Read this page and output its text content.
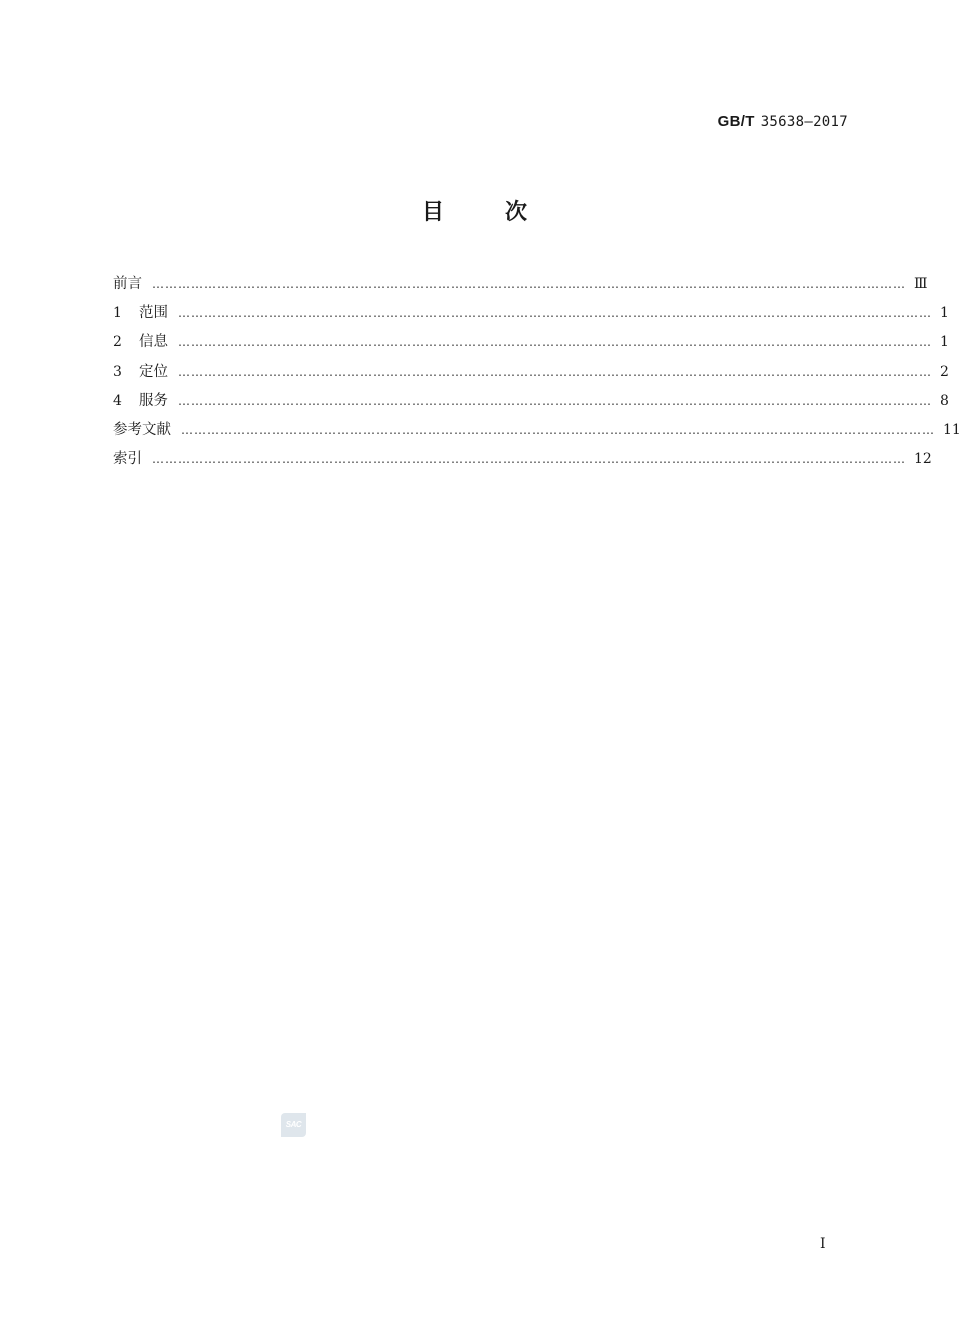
GB/T 35638—2017
目	次
前言 ………………………………………………………………………………………………………………………………………………………… Ⅲ
1	范围 ………………………………………………………………………………………………………………………………………………………… 1
2	信息 ………………………………………………………………………………………………………………………………………………………… 1
3	定位 ………………………………………………………………………………………………………………………………………………………… 2
4	服务 ………………………………………………………………………………………………………………………………………………………… 8
参考文献 ………………………………………………………………………………………………………………………………………………………… 11
索引 ………………………………………………………………………………………………………………………………………………………… 12
SAC
I
